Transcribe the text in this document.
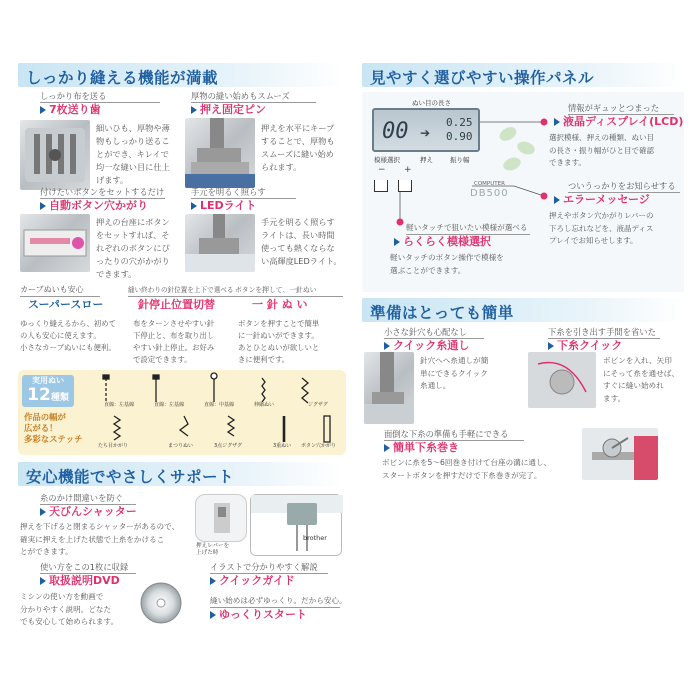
しっかり縫える機能が満載
しっかり布を送る
7枚送り歯
細いひも、厚物や薄
物もしっかり送るこ
とができ、キレイで
均一な縫い目に仕上
げます。
厚物の縫い始めもスムーズ
押え固定ピン
押えを水平にキープ
することで、厚物も
スムーズに縫い始め
られます。
付けたいボタンをセットするだけ
自動ボタン穴かがり
押えの台座にボタン
をセットすれば、そ
れぞれのボタンにぴ
ったりの穴がかがり
できます。
手元を明るく照らす
LEDライト
手元を明るく照らす
ライトは、長い時間
使っても熱くならな
い高輝度LEDライト。
カーブぬいも安心
スーパースロー
ゆっくり縫えるから、初めて
の人も安心に使えます。
小さなカーブぬいにも便利。
縫い終わりの針位置を上下で選べる
針停止位置切替
布をターンさせやすい針
下停止と、布を取り出し
やすい針上停止。お好み
で設定できます。
ボタンを押して、一針ぬい
一 針 ぬ い
ボタンを押すことで簡単
に一針ぬいができます。
あとひとぬいが欲しいと
きに便利です。
実用ぬい
12種類
作品の幅が
広がる！
多彩なステッチ
直線：左基線	直線：左基線	直線：中基線	伸縮ぬい	ジグザグ
たち目かがり	まつりぬい	3点ジグザグ	3重ぬい ボタン穴かがり
安心機能でやさしくサポート
糸のかけ間違いを防ぐ
天びんシャッター
押えを下げると閉まるシャッターがあるので、
確実に押えを上げた状態で上糸をかけるこ
とができます。
押えレバーを
上げた時
brother
使い方をこの1枚に収録
取扱説明DVD
ミシンの使い方を動画で
分かりやすく説明。どなた
でも安心して始められます。
イラストで分かりやすく解説
クイックガイド
縫い始めは必ずゆっくり。だから安心。
ゆっくりスタート
見やすく選びやすい操作パネル
ぬい目の長さ
00 ➔
0.25
0.90
模様選択	押え	振り幅
− +
COMPUTER
DB500
情報がギュッとつまった
液晶ディスプレイ(LCD)
選択模様、押えの種類、ぬい目
の長さ・振り幅がひと目で確認
できます。
ついうっかりをお知らせする
エラーメッセージ
押えやボタン穴かがりレバーの
下ろし忘れなどを、液晶ディス
プレイでお知らせします。
軽いタッチで狙いたい模様が選べる
らくらく模様選択
軽いタッチのボタン操作で模様を
選ぶことができます。
準備はとっても簡単
小さな針穴も心配なし
クイック糸通し
針穴へへ糸通しが簡
単にできるクイック
糸通し。
下糸を引き出す手間を省いた
下糸クイック
ボビンを入れ、矢印
にそって糸を通せば、
すぐに縫い始めれ
ます。
面倒な下糸の準備も手軽にできる
簡単下糸巻き
ボビンに糸を5〜6回巻き付けて台座の溝に通し、
スタートボタンを押すだけで下糸巻きが完了。
